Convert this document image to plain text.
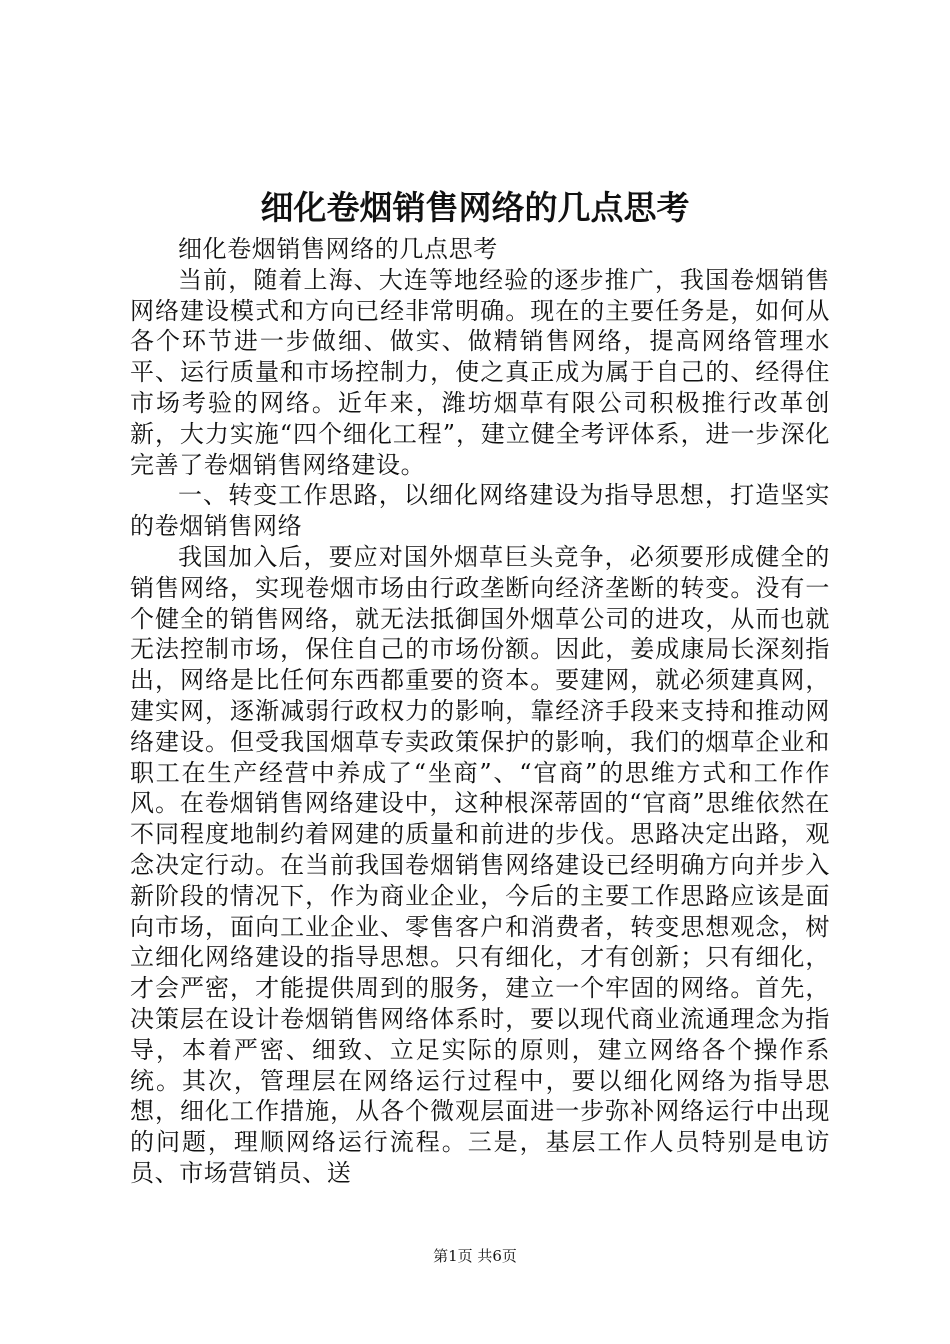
细化卷烟销售网络的几点思考

细化卷烟销售网络的几点思考

当前，随着上海、大连等地经验的逐步推广，我国卷烟销售网络建设模式和方向已经非常明确。现在的主要任务是，如何从各个环节进一步做细、做实、做精销售网络，提高网络管理水平、运行质量和市场控制力，使之真正成为属于自己的、经得住市场考验的网络。近年来，潍坊烟草有限公司积极推行改革创新，大力实施“四个细化工程”，建立健全考评体系，进一步深化完善了卷烟销售网络建设。

一、转变工作思路，以细化网络建设为指导思想，打造坚实的卷烟销售网络

我国加入后，要应对国外烟草巨头竞争，必须要形成健全的销售网络，实现卷烟市场由行政垄断向经济垄断的转变。没有一个健全的销售网络，就无法抵御国外烟草公司的进攻，从而也就无法控制市场，保住自己的市场份额。因此，姜成康局长深刻指出，网络是比任何东西都重要的资本。要建网，就必须建真网，建实网，逐渐减弱行政权力的影响，靠经济手段来支持和推动网络建设。但受我国烟草专卖政策保护的影响，我们的烟草企业和职工在生产经营中养成了“坐商”、“官商”的思维方式和工作作风。在卷烟销售网络建设中，这种根深蒂固的“官商”思维依然在不同程度地制约着网建的质量和前进的步伐。思路决定出路，观念决定行动。在当前我国卷烟销售网络建设已经明确方向并步入新阶段的情况下，作为商业企业，今后的主要工作思路应该是面向市场，面向工业企业、零售客户和消费者，转变思想观念，树立细化网络建设的指导思想。只有细化，才有创新；只有细化，才会严密，才能提供周到的服务，建立一个牢固的网络。首先，决策层在设计卷烟销售网络体系时，要以现代商业流通理念为指导，本着严密、细致、立足实际的原则，建立网络各个操作系统。其次，管理层在网络运行过程中，要以细化网络为指导思想，细化工作措施，从各个微观层面进一步弥补网络运行中出现的问题，理顺网络运行流程。三是，基层工作人员特别是电访员、市场营销员、送

第1页 共6页
